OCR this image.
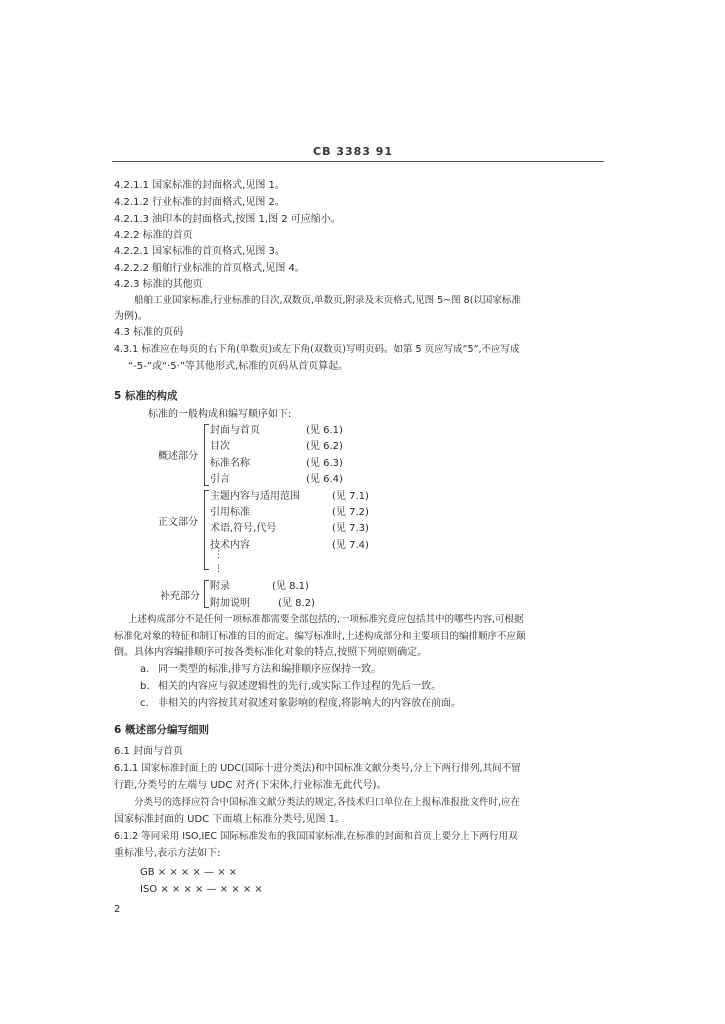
CB 3383 91
4.2.1.1 国家标准的封面格式,见图 1。
4.2.1.2 行业标准的封面格式,见图 2。
4.2.1.3 油印本的封面格式,按图 1,图 2 可应缩小。
4.2.2 标准的首页
4.2.2.1 国家标准的首页格式,见图 3。
4.2.2.2 船舶行业标准的首页格式,见图 4。
4.2.3 标准的其他页
船舶工业国家标准,行业标准的目次,双数页,单数页,附录及末页格式,见图 5~图 8(以国家标准
为例)。
4.3 标准的页码
4.3.1 标准应在每页的右下角(单数页)或左下角(双数页)写明页码。如第 5 页应写成“5”,不应写成
“-5-”或“·5·”等其他形式,标准的页码从首页算起。
5 标准的构成
标准的一般构成和编写顺序如下:
概述部分
封面与首页	(见 6.1)
目次	(见 6.2)
标准名称	(见 6.3)
引言	(见 6.4)
正文部分
主题内容与适用范围	(见 7.1)
引用标准	(见 7.2)
术语,符号,代号	(见 7.3)
技术内容	(见 7.4)
⋮
⋮
补充部分
附录	(见 8.1)
附加说明	(见 8.2)
上述构成部分不是任何一项标准都需要全部包括的,一项标准究竟应包括其中的哪些内容,可根据
标准化对象的特征和制订标准的目的而定。编写标准时,上述构成部分和主要项目的编排顺序不应颠
倒。具体内容编排顺序可按各类标准化对象的特点,按照下列原则确定。
a. 同一类型的标准,排写方法和编排顺序应保持一致。
b. 相关的内容应与叙述逻辑性的先行,或实际工作过程的先后一致。
c. 非相关的内容按其对叙述对象影响的程度,将影响大的内容放在前面。
6 概述部分编写细则
6.1 封面与首页
6.1.1 国家标准封面上的 UDC(国际十进分类法)和中国标准文献分类号,分上下两行排列,其间不留
行距,分类号的左端与 UDC 对齐(下宋体,行业标准无此代号)。
分类号的选择应符合中国标准文献分类法的规定,各技术归口单位在上报标准报批文件时,应在
国家标准封面的 UDC 下面填上标准分类号,见图 1。
6.1.2 等同采用 ISO,IEC 国际标准发布的我国国家标准,在标准的封面和首页上要分上下两行用双
重标准号,表示方法如下:
GB × × × × — × ×
ISO × × × × — × × × ×
2
